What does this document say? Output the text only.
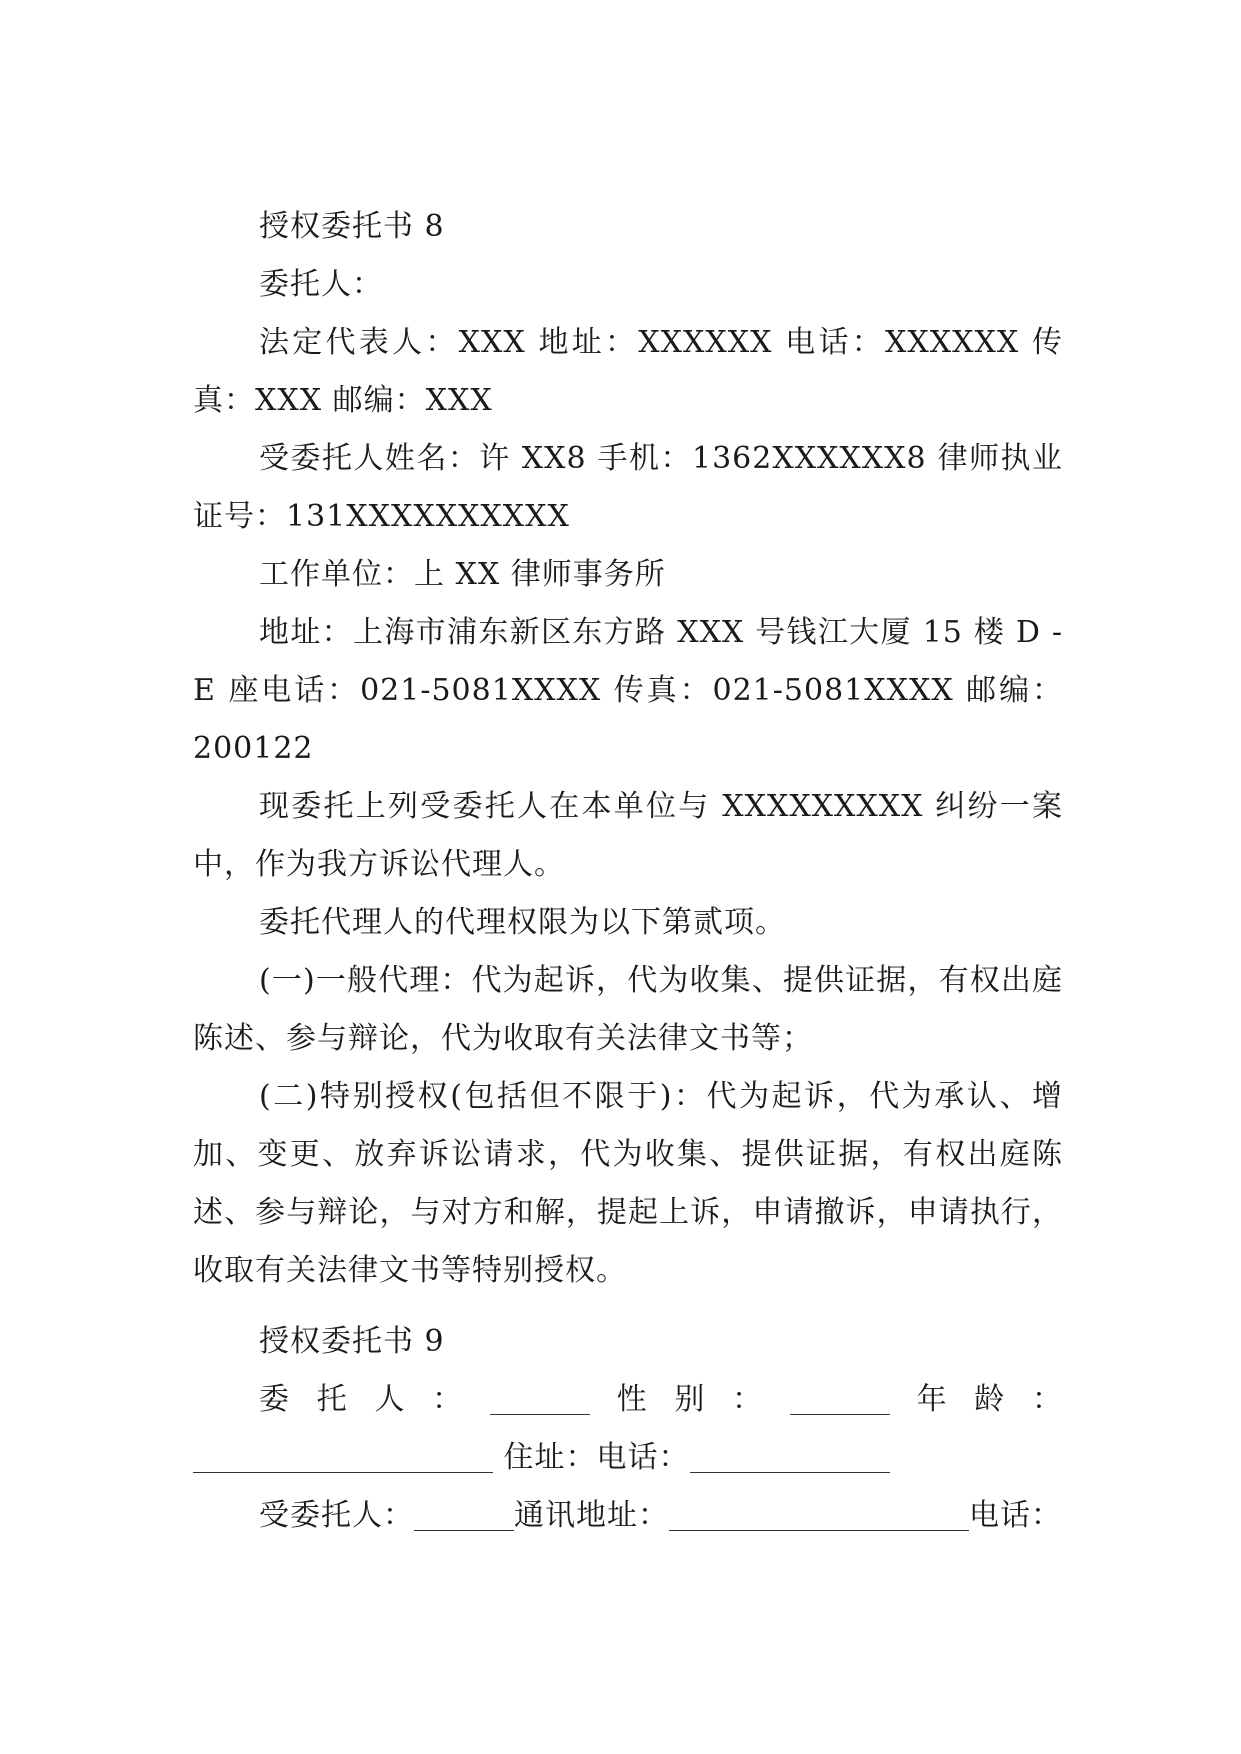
授权委托书 8

委托人：

法定代表人：XXX 地址：XXXXXX 电话：XXXXXX 传真：XXX 邮编：XXX

受委托人姓名：许 XX8 手机：1362XXXXXX8 律师执业证号：131XXXXXXXXXX

工作单位：上 XX 律师事务所

地址：上海市浦东新区东方路 XXX 号钱江大厦 15 楼 D -E 座电话：021-5081XXXX 传真：021-5081XXXX 邮编：200122

现委托上列受委托人在本单位与 XXXXXXXXX 纠纷一案中，作为我方诉讼代理人。

委托代理人的代理权限为以下第贰项。

(一)一般代理：代为起诉，代为收集、提供证据，有权出庭陈述、参与辩论，代为收取有关法律文书等；

(二)特别授权(包括但不限于)：代为起诉，代为承认、增加、变更、放弃诉讼请求，代为收集、提供证据，有权出庭陈述、参与辩论，与对方和解，提起上诉，申请撤诉，申请执行，收取有关法律文书等特别授权。

授权委托书 9

委托人：	性别：	年龄： 住址：电话：

受委托人：	通讯地址：	电话：
